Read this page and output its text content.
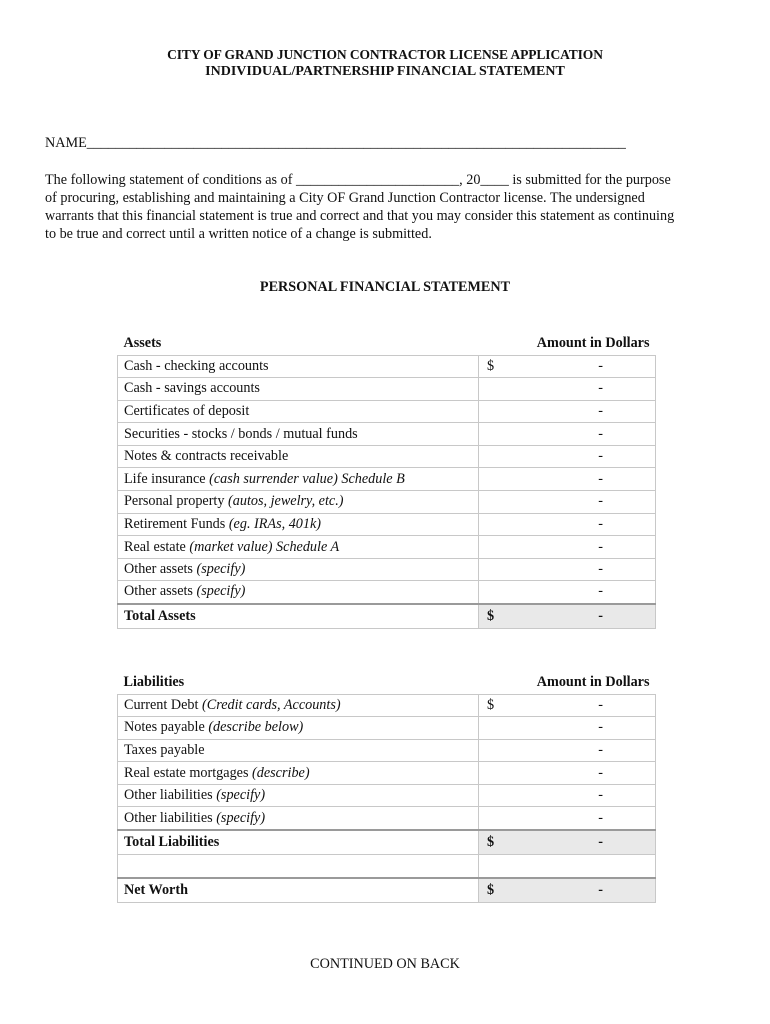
CITY OF GRAND JUNCTION CONTRACTOR LICENSE APPLICATION
INDIVIDUAL/PARTNERSHIP FINANCIAL STATEMENT
NAME____________________________________________________________________________
The following statement of conditions as of _______________________, 20____ is submitted for the purpose
of procuring, establishing and maintaining a City OF Grand Junction Contractor license. The undersigned
warrants that this financial statement is true and correct and that you may consider this statement as continuing
to be true and correct until a written notice of a change is submitted.
PERSONAL FINANCIAL STATEMENT
Assets	Amount in Dollars	
Cash - checking accounts	$	-
Cash - savings accounts		-
Certificates of deposit		-
Securities - stocks / bonds / mutual funds		-
Notes & contracts receivable		-
Life insurance (cash surrender value) Schedule B		-
Personal property (autos, jewelry, etc.)		-
Retirement Funds (eg. IRAs, 401k)		-
Real estate (market value) Schedule A		-
Other assets (specify)		-
Other assets (specify)		-
Total Assets	$	-
Liabilities	Amount in Dollars	
Current Debt (Credit cards, Accounts)	$	-
Notes payable (describe below)		-
Taxes payable		-
Real estate mortgages (describe)		-
Other liabilities (specify)		-
Other liabilities (specify)		-
Total Liabilities	$	-

Net Worth	$	-
CONTINUED ON BACK
